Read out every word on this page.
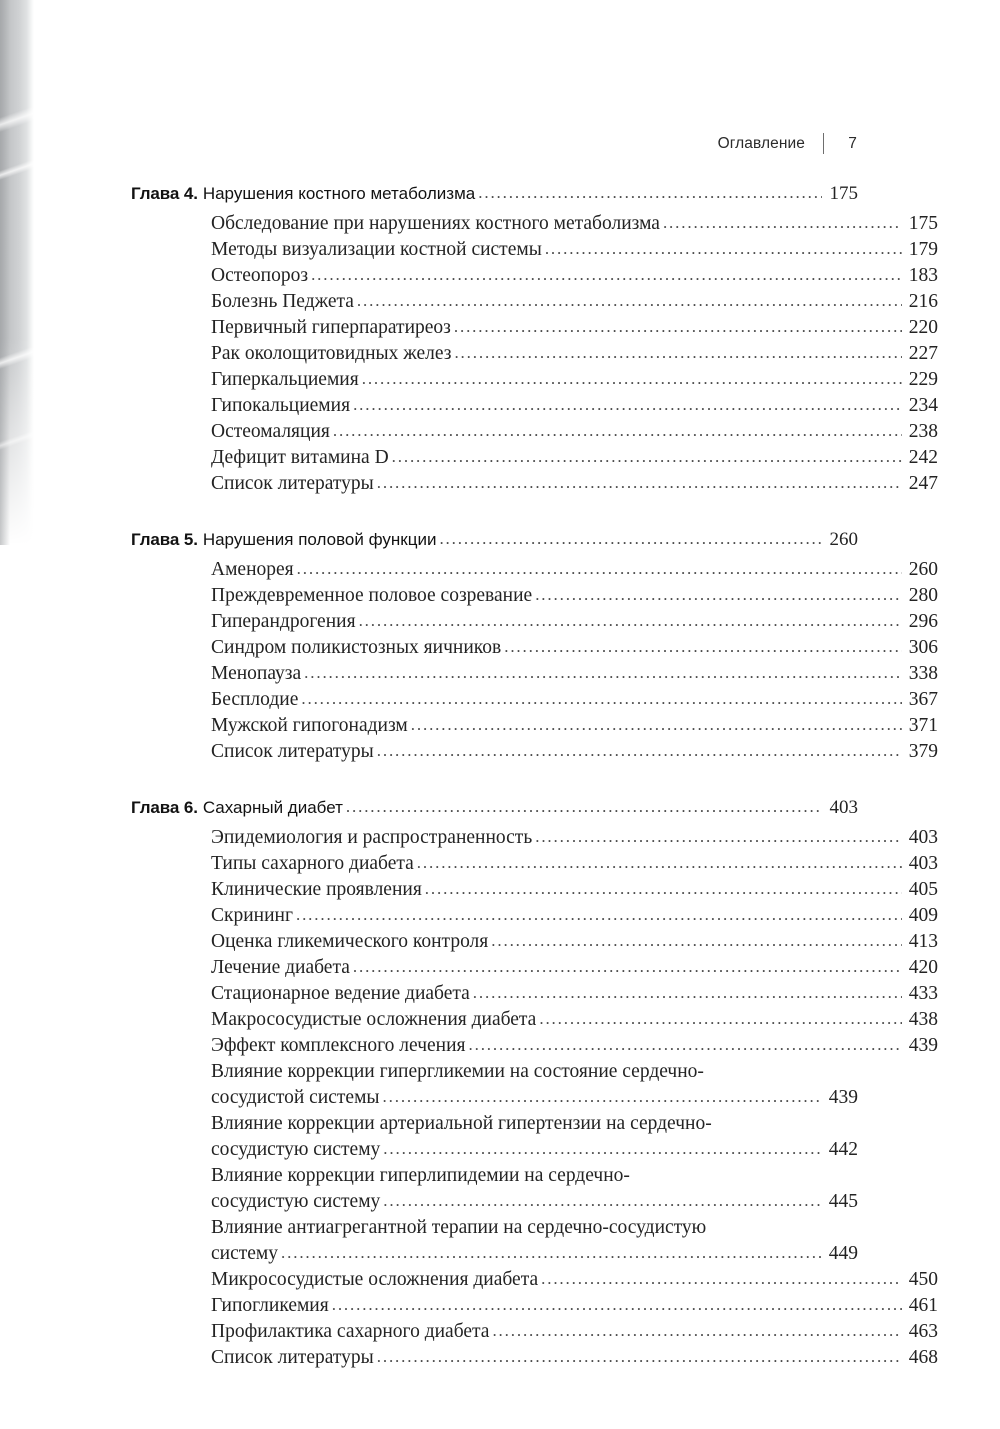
Оглавление	7
Глава 4. Нарушения костного метаболизма . . .	175
Обследование при нарушениях костного метаболизма . . .	175
Методы визуализации костной системы . . .	179
Остеопороз . . .	183
Болезнь Педжета . . .	216
Первичный гиперпаратиреоз . . .	220
Рак околощитовидных желез . . .	227
Гиперкальциемия . . .	229
Гипокальциемия . . .	234
Остеомаляция . . .	238
Дефицит витамина D . . .	242
Список литературы . . .	247
Глава 5. Нарушения половой функции . . .	260
Аменорея . . .	260
Преждевременное половое созревание . . .	280
Гиперандрогения . . .	296
Синдром поликистозных яичников . . .	306
Менопауза . . .	338
Бесплодие . . .	367
Мужской гипогонадизм . . .	371
Список литературы . . .	379
Глава 6. Сахарный диабет . . .	403
Эпидемиология и распространенность . . .	403
Типы сахарного диабета . . .	403
Клинические проявления . . .	405
Скрининг . . .	409
Оценка гликемического контроля . . .	413
Лечение диабета . . .	420
Стационарное ведение диабета . . .	433
Макрососудистые осложнения диабета . . .	438
Эффект комплексного лечения . . .	439
Влияние коррекции гипергликемии на состояние сердечно-
сосудистой системы . . .	439
Влияние коррекции артериальной гипертензии на сердечно-
сосудистую систему . . .	442
Влияние коррекции гиперлипидемии на сердечно-
сосудистую систему . . .	445
Влияние антиагрегантной терапии на сердечно-сосудистую
систему . . .	449
Микрососудистые осложнения диабета . . .	450
Гипогликемия . . .	461
Профилактика сахарного диабета . . .	463
Список литературы . . .	468
